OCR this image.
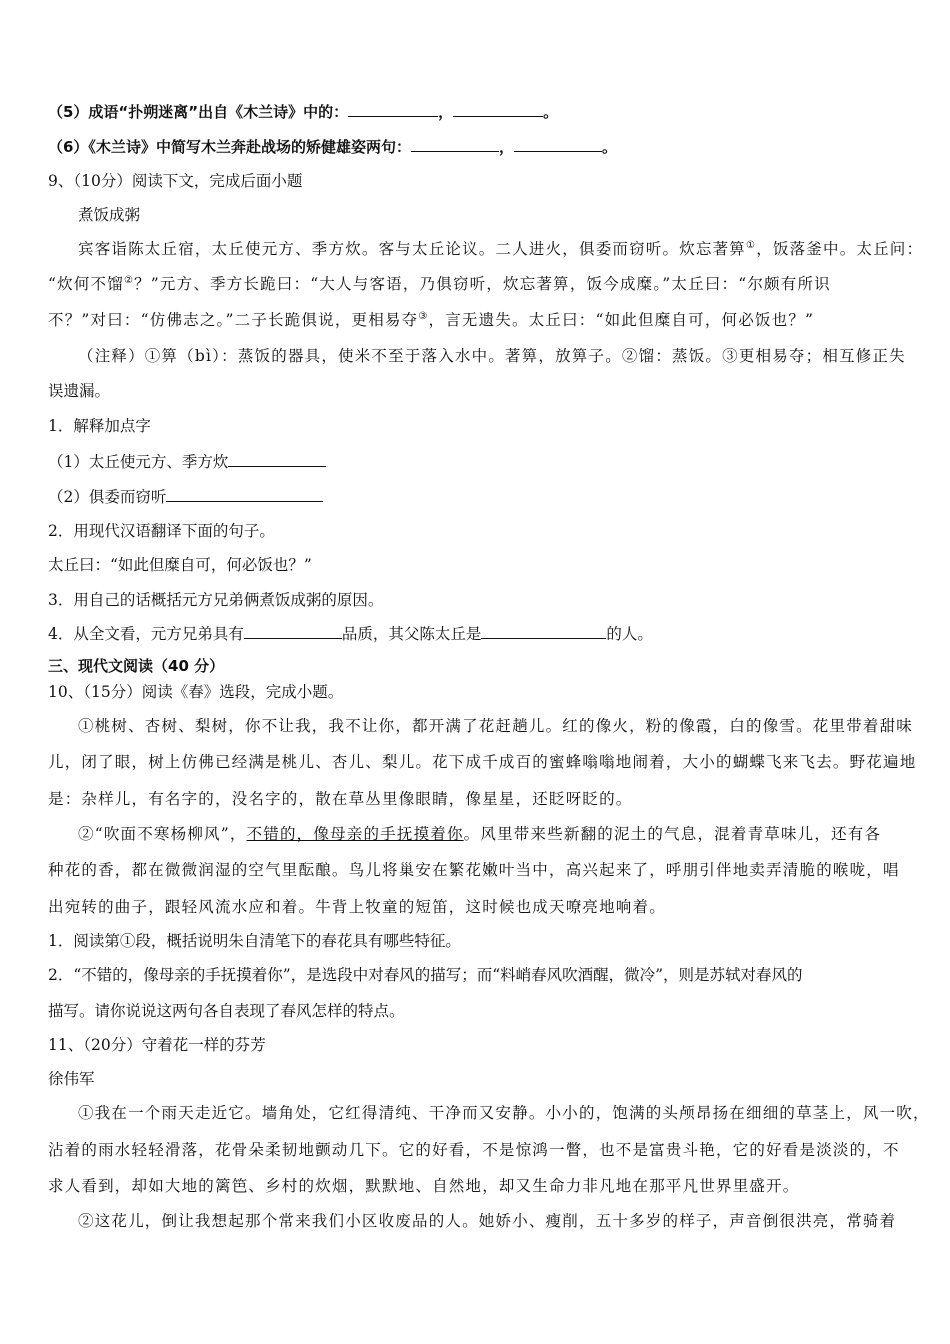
（5）成语“扑朔迷离”出自《木兰诗》中的：	，	。
（6）《木兰诗》中简写木兰奔赴战场的矫健雄姿两句：	，	。
9、（10分）阅读下文，完成后面小题
煮饭成粥
宾客诣陈太丘宿，太丘使元方、季方炊。客与太丘论议。二人进火，俱委而窃听。炊忘著箅①，饭落釜中。太丘问：
“炊何不馏②？”元方、季方长跪曰：“大人与客语，乃俱窃听，炊忘著箅，饭今成糜。”太丘曰：“尔颇有所识
不？”对曰：“仿佛志之。”二子长跪俱说，更相易夺③，言无遗失。太丘曰：“如此但糜自可，何必饭也？”
（注释）①箅（bì）：蒸饭的器具，使米不至于落入水中。著箅，放箅子。②馏：蒸饭。③更相易夺；相互修正失
误遗漏。
1．解释加点字
（1）太丘使元方、季方炊
（2）俱委而窃听
2．用现代汉语翻译下面的句子。
太丘曰：“如此但糜自可，何必饭也？”
3．用自己的话概括元方兄弟俩煮饭成粥的原因。
4．从全文看，元方兄弟具有	品质，其父陈太丘是	的人。
三、现代文阅读（40 分）
10、（15分）阅读《春》选段，完成小题。
①桃树、杏树、梨树，你不让我，我不让你，都开满了花赶趟儿。红的像火，粉的像霞，白的像雪。花里带着甜味
儿，闭了眼，树上仿佛已经满是桃儿、杏儿、梨儿。花下成千成百的蜜蜂嗡嗡地闹着，大小的蝴蝶飞来飞去。野花遍地
是：杂样儿，有名字的，没名字的，散在草丛里像眼睛，像星星，还眨呀眨的。
②“吹面不寒杨柳风”，不错的，像母亲的手抚摸着你。风里带来些新翻的泥土的气息，混着青草味儿，还有各
种花的香，都在微微润湿的空气里酝酿。鸟儿将巢安在繁花嫩叶当中，高兴起来了，呼朋引伴地卖弄清脆的喉咙，唱
出宛转的曲子，跟轻风流水应和着。牛背上牧童的短笛，这时候也成天嘹亮地响着。
1．阅读第①段，概括说明朱自清笔下的春花具有哪些特征。
2．“不错的，像母亲的手抚摸着你”，是选段中对春风的描写；而“料峭春风吹酒醒，微冷”，则是苏轼对春风的
描写。请你说说这两句各自表现了春风怎样的特点。
11、（20分）守着花一样的芬芳
徐伟军
①我在一个雨天走近它。墙角处，它红得清纯、干净而又安静。小小的，饱满的头颅昂扬在细细的草茎上，风一吹，
沾着的雨水轻轻滑落，花骨朵柔韧地颤动几下。它的好看，不是惊鸿一瞥，也不是富贵斗艳，它的好看是淡淡的，不
求人看到，却如大地的篱笆、乡村的炊烟，默默地、自然地，却又生命力非凡地在那平凡世界里盛开。
②这花儿，倒让我想起那个常来我们小区收废品的人。她娇小、瘦削，五十多岁的样子，声音倒很洪亮，常骑着
